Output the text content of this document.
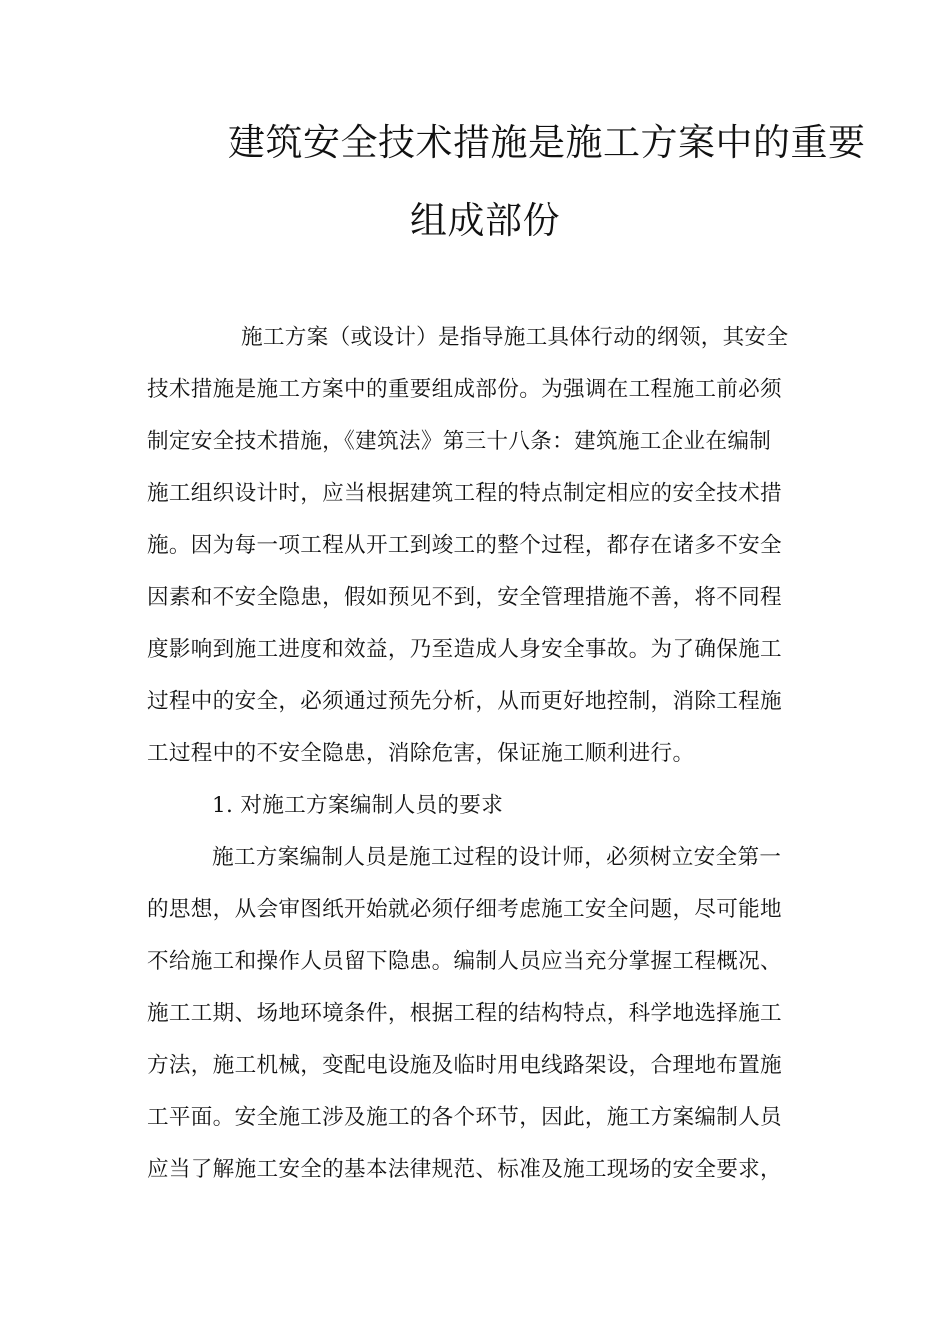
建筑安全技术措施是施工方案中的重要
组成部份

施工方案（或设计）是指导施工具体行动的纲领，其安全

技术措施是施工方案中的重要组成部份。为强调在工程施工前必须

制定安全技术措施，《建筑法》第三十八条：建筑施工企业在编制

施工组织设计时，应当根据建筑工程的特点制定相应的安全技术措

施。因为每一项工程从开工到竣工的整个过程，都存在诸多不安全

因素和不安全隐患，假如预见不到，安全管理措施不善，将不同程

度影响到施工进度和效益，乃至造成人身安全事故。为了确保施工

过程中的安全，必须通过预先分析，从而更好地控制，消除工程施

工过程中的不安全隐患，消除危害，保证施工顺利进行。

1. 对施工方案编制人员的要求

施工方案编制人员是施工过程的设计师，必须树立安全第一

的思想，从会审图纸开始就必须仔细考虑施工安全问题，尽可能地

不给施工和操作人员留下隐患。编制人员应当充分掌握工程概况、

施工工期、场地环境条件，根据工程的结构特点，科学地选择施工

方法，施工机械，变配电设施及临时用电线路架设，合理地布置施

工平面。安全施工涉及施工的各个环节，因此，施工方案编制人员

应当了解施工安全的基本法律规范、标准及施工现场的安全要求，
